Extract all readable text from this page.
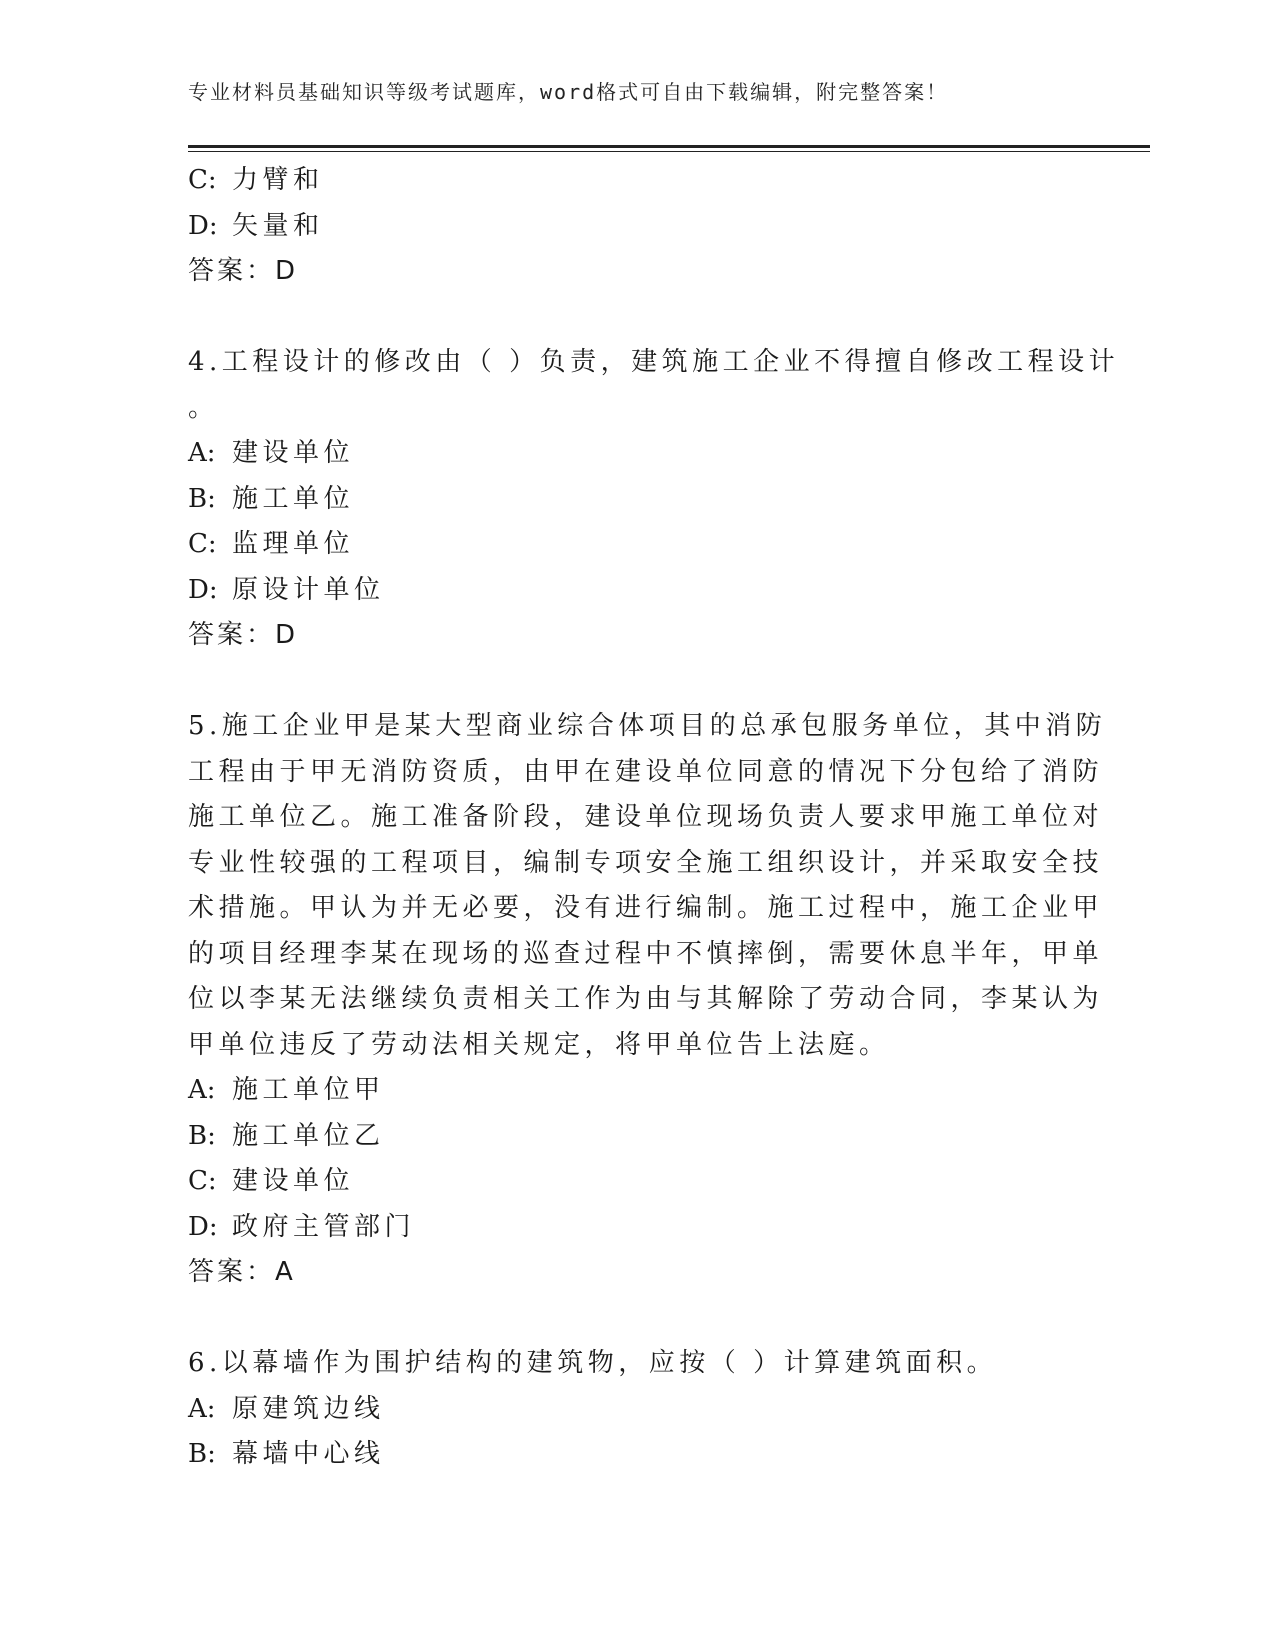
专业材料员基础知识等级考试题库，word格式可自由下载编辑，附完整答案！
C: 力臂和
D: 矢量和
答案：D
4.工程设计的修改由（ ）负责，建筑施工企业不得擅自修改工程设计
。
A: 建设单位
B: 施工单位
C: 监理单位
D: 原设计单位
答案：D
5.施工企业甲是某大型商业综合体项目的总承包服务单位，其中消防
工程由于甲无消防资质，由甲在建设单位同意的情况下分包给了消防
施工单位乙。施工准备阶段，建设单位现场负责人要求甲施工单位对
专业性较强的工程项目，编制专项安全施工组织设计，并采取安全技
术措施。甲认为并无必要，没有进行编制。施工过程中，施工企业甲
的项目经理李某在现场的巡查过程中不慎摔倒，需要休息半年，甲单
位以李某无法继续负责相关工作为由与其解除了劳动合同，李某认为
甲单位违反了劳动法相关规定，将甲单位告上法庭。
A: 施工单位甲
B: 施工单位乙
C: 建设单位
D: 政府主管部门
答案：A
6.以幕墙作为围护结构的建筑物，应按（ ）计算建筑面积。
A: 原建筑边线
B: 幕墙中心线
